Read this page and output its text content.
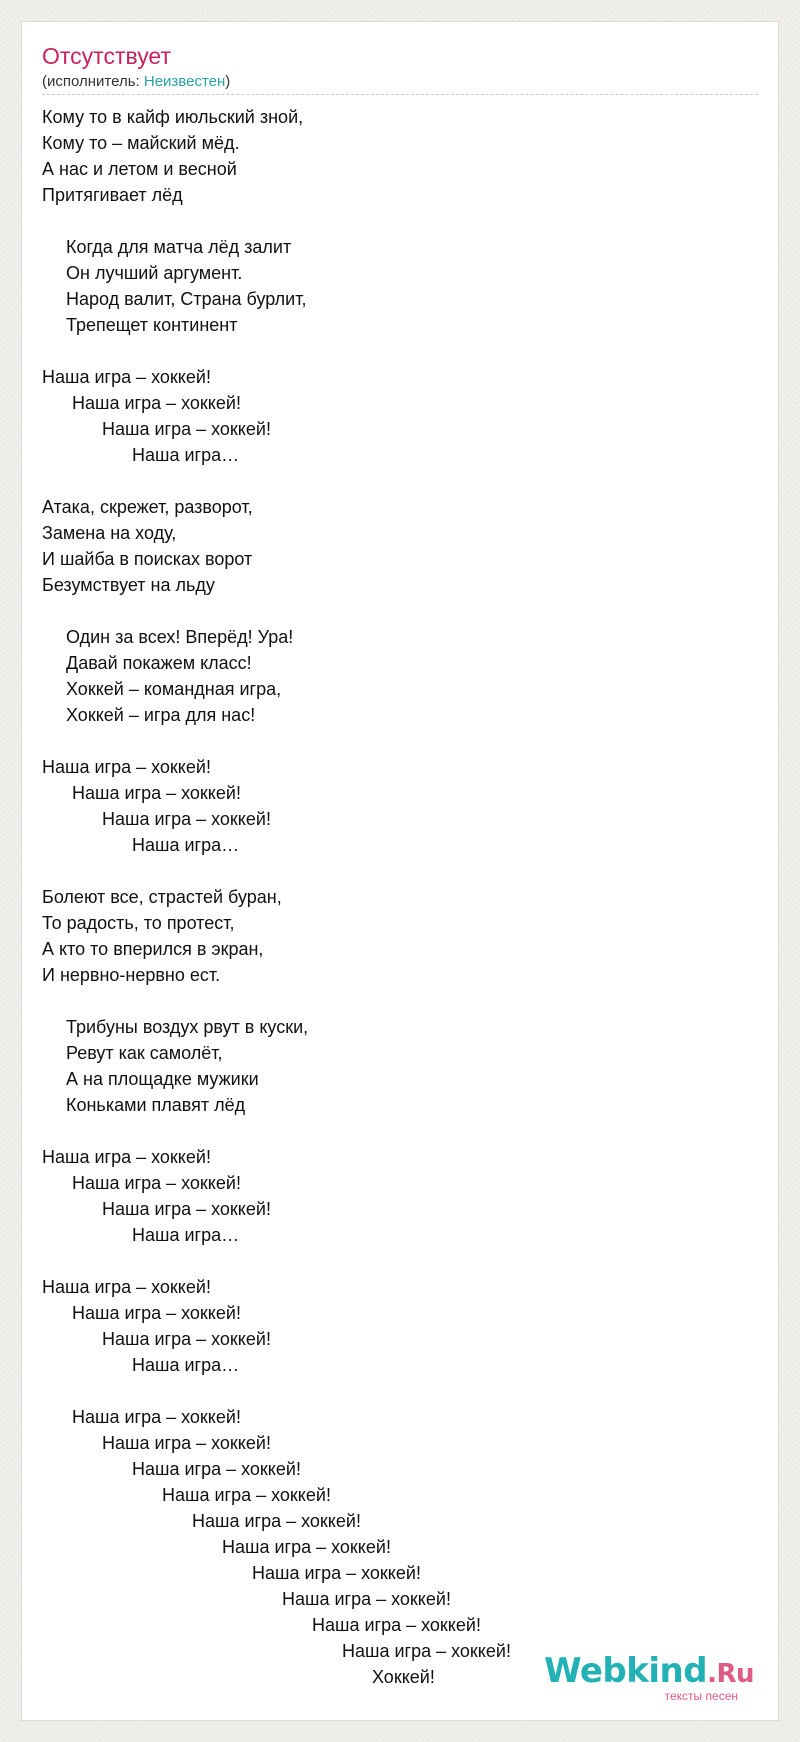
Отсутствует
(исполнитель: Неизвестен)
Кому то в кайф июльский зной,
Кому то – майский мёд.
А нас и летом и весной
Притягивает лёд
Когда для матча лёд залит
Он лучший аргумент.
Народ валит, Страна бурлит,
Трепещет континент
Наша игра – хоккей!
Наша игра – хоккей!
Наша игра – хоккей!
Наша игра…
Атака, скрежет, разворот,
Замена на ходу,
И шайба в поисках ворот
Безумствует на льду
Один за всех! Вперёд! Ура!
Давай покажем класс!
Хоккей – командная игра,
Хоккей – игра для нас!
Наша игра – хоккей!
Наша игра – хоккей!
Наша игра – хоккей!
Наша игра…
Болеют все, страстей буран,
То радость, то протест,
А кто то вперился в экран,
И нервно-нервно ест.
Трибуны воздух рвут в куски,
Ревут как самолёт,
А на площадке мужики
Коньками плавят лёд
Наша игра – хоккей!
Наша игра – хоккей!
Наша игра – хоккей!
Наша игра…
Наша игра – хоккей!
Наша игра – хоккей!
Наша игра – хоккей!
Наша игра…
Наша игра – хоккей!
Наша игра – хоккей!
Наша игра – хоккей!
Наша игра – хоккей!
Наша игра – хоккей!
Наша игра – хоккей!
Наша игра – хоккей!
Наша игра – хоккей!
Наша игра – хоккей!
Наша игра – хоккей!
Хоккей!	Webkind.Ru
тексты песен
